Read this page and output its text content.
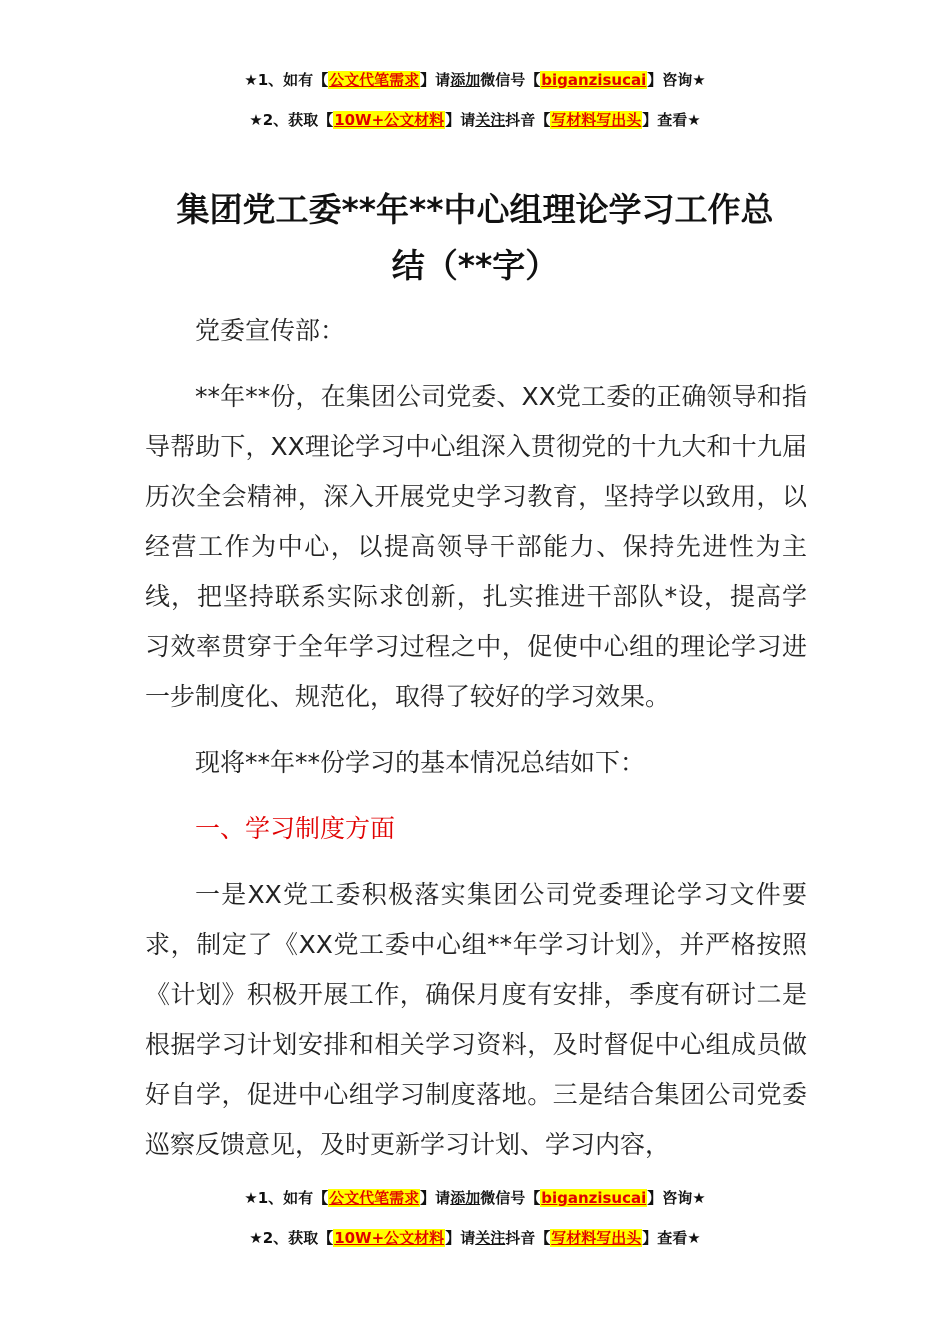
★1、如有【公文代笔需求】请添加微信号【biganzisucai】咨询★
★2、获取【10W+公文材料】请关注抖音【写材料写出头】查看★
集团党工委**年**中心组理论学习工作总
结（**字）

党委宣传部：

**年**份，在集团公司党委、XX党工委的正确领导和指导帮助下，XX理论学习中心组深入贯彻党的十九大和十九届历次全会精神，深入开展党史学习教育，坚持学以致用，以经营工作为中心，以提高领导干部能力、保持先进性为主线，把坚持联系实际求创新，扎实推进干部队*设，提高学习效率贯穿于全年学习过程之中，促使中心组的理论学习进一步制度化、规范化，取得了较好的学习效果。

现将**年**份学习的基本情况总结如下：

一、学习制度方面

一是XX党工委积极落实集团公司党委理论学习文件要求，制定了《XX党工委中心组**年学习计划》，并严格按照《计划》积极开展工作，确保月度有安排，季度有研讨二是根据学习计划安排和相关学习资料，及时督促中心组成员做好自学，促进中心组学习制度落地。三是结合集团公司党委巡察反馈意见，及时更新学习计划、学习内容，

★1、如有【公文代笔需求】请添加微信号【biganzisucai】咨询★
★2、获取【10W+公文材料】请关注抖音【写材料写出头】查看★
